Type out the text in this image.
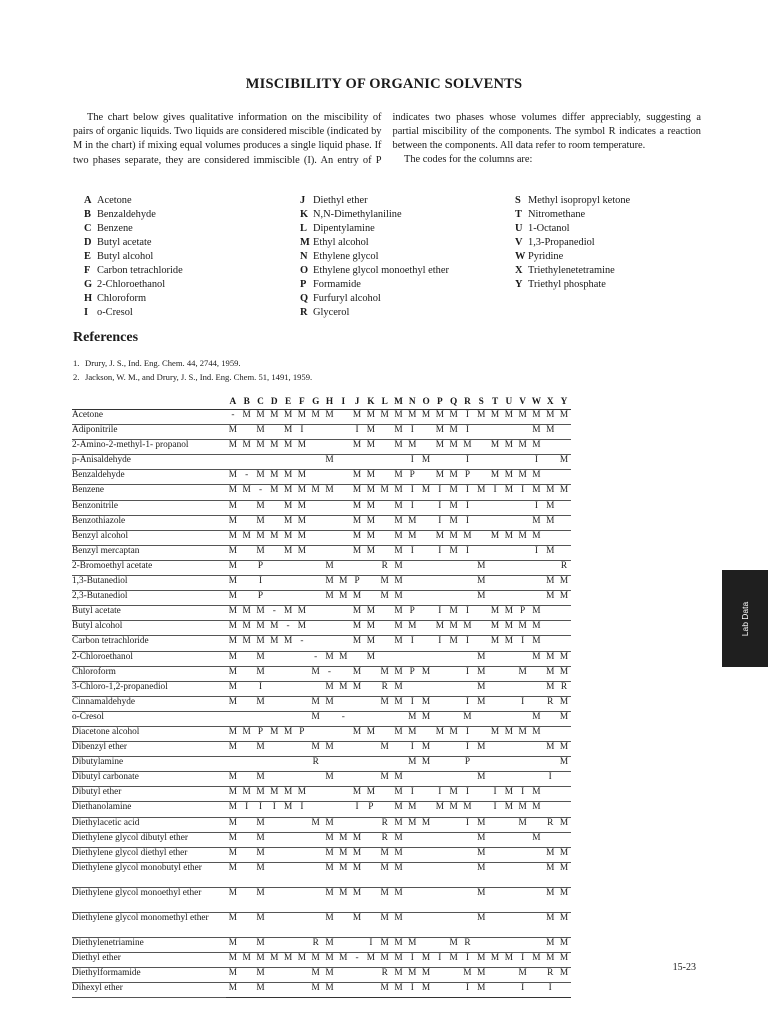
MISCIBILITY OF ORGANIC SOLVENTS

The chart below gives qualitative information on the miscibility of pairs of organic liquids. Two liquids are considered miscible (indicated by M in the chart) if mixing equal volumes produces a single liquid phase. If two phases separate, they are considered immiscible (I). An entry of P indicates two phases whose volumes differ appreciably, suggesting a partial miscibility of the components. The symbol R indicates a reaction between the components. All data refer to room temperature.

The codes for the columns are:

A Acetone
B Benzaldehyde
C Benzene
D Butyl acetate
E Butyl alcohol
F Carbon tetrachloride
G 2-Chloroethanol
H Chloroform
I o-Cresol
J Diethyl ether
K N,N-Dimethylaniline
L Dipentylamine
M Ethyl alcohol
N Ethylene glycol
O Ethylene glycol monoethyl ether
P Formamide
Q Furfuryl alcohol
R Glycerol
S Methyl isopropyl ketone
T Nitromethane
U 1-Octanol
V 1,3-Propanediol
W Pyridine
X Triethylenetetramine
Y Triethyl phosphate
References
1. Drury, J. S., Ind. Eng. Chem. 44, 2744, 1959.
2. Jackson, W. M., and Drury, J. S., Ind. Eng. Chem. 51, 1491, 1959.
	A	B	C	D	E	F	G	H	I	J	K	L	M	N	O	P	Q	R	S	T	U	V	W	X	Y
Acetone	-	M	M	M	M	M	M	M		M	M	M	M	M	M	M	M	I	M	M	M	M	M	M	M
Adiponitrile	M		M		M	I				I	M		M	I		M	M	I					M	M	
2-Amino-2-methyl-1- propanol	M	M	M	M	M	M				M	M		M	M		M	M	M		M	M	M	M		
p-Anisaldehyde								M						I	M			I					I		M
Benzaldehyde	M	-	M	M	M	M				M	M		M	P		M	M	P		M	M	M	M		
Benzene	M	M	-	M	M	M	M	M		M	M	M	M	I	M	I	M	I	M	I	M	I	M	M	M
Benzonitrile	M		M		M	M				M	M		M	I		I	M	I					I	M	
Benzothiazole	M		M		M	M				M	M		M	M		I	M	I					M	M	
Benzyl alcohol	M	M	M	M	M	M				M	M		M	M		M	M	M		M	M	M	M		
Benzyl mercaptan	M		M		M	M				M	M		M	I		I	M	I					I	M	
2-Bromoethyl acetate	M		P					M				R	M						M						R
1,3-Butanediol	M		I					M	M	P		M	M						M					M	M
2,3-Butanediol	M		P					M	M	M		M	M						M					M	M
Butyl acetate	M	M	M	-	M	M				M	M		M	P		I	M	I		M	M	P	M		
Butyl alcohol	M	M	M	M	-	M				M	M		M	M		M	M	M		M	M	M	M		
Carbon tetrachloride	M	M	M	M	M	-				M	M		M	I		I	M	I		M	M	I	M		
2-Chloroethanol	M		M				-	M	M		M								M				M	M	M
Chloroform	M		M				M	-		M		M	M	P	M			I	M			M		M	M
3-Chloro-1,2-propanediol	M		I					M	M	M		R	M						M					M	R
Cinnamaldehyde	M		M				M	M				M	M	I	M			I	M			I		R	M
o-Cresol							M		-					M	M			M					M		M
Diacetone alcohol	M	M	P	M	M	P				M	M		M	M		M	M	I		M	M	M	M		
Dibenzyl ether	M		M				M	M				M		I	M			I	M					M	M
Dibutylamine							R							M	M			P							M
Dibutyl carbonate	M		M					M				M	M						M					I	
Dibutyl ether	M	M	M	M	M	M				M	M		M	I		I	M	I		I	M	I	M		
Diethanolamine	M	I	I	I	M	I				I	P		M	M		M	M	M		I	M	M	M		
Diethylacetic acid	M		M				M	M				R	M	M	M			I	M			M		R	M
Diethylene glycol dibutyl ether	M		M					M	M	M		R	M						M				M		
Diethylene glycol diethyl ether	M		M					M	M	M		M	M						M					M	M
Diethylene glycol monobutyl ether	M		M					M	M	M		M	M						M					M	M
Diethylene glycol monoethyl ether	M		M					M	M	M		M	M						M					M	M
Diethylene glycol monomethyl ether	M		M					M		M		M	M						M					M	M
Diethylenetriamine	M		M				R	M			I	M	M	M			M	R						M	M
Diethyl ether	M	M	M	M	M	M	M	M	M	-	M	M	M	I	M	I	M	I	M	M	M	I	M	M	M
Diethylformamide	M		M				M	M				R	M	M	M			M	M			M		R	M
Dihexyl ether	M		M				M	M				M	M	I	M			I	M			I		I	
Lab Data
15-23
